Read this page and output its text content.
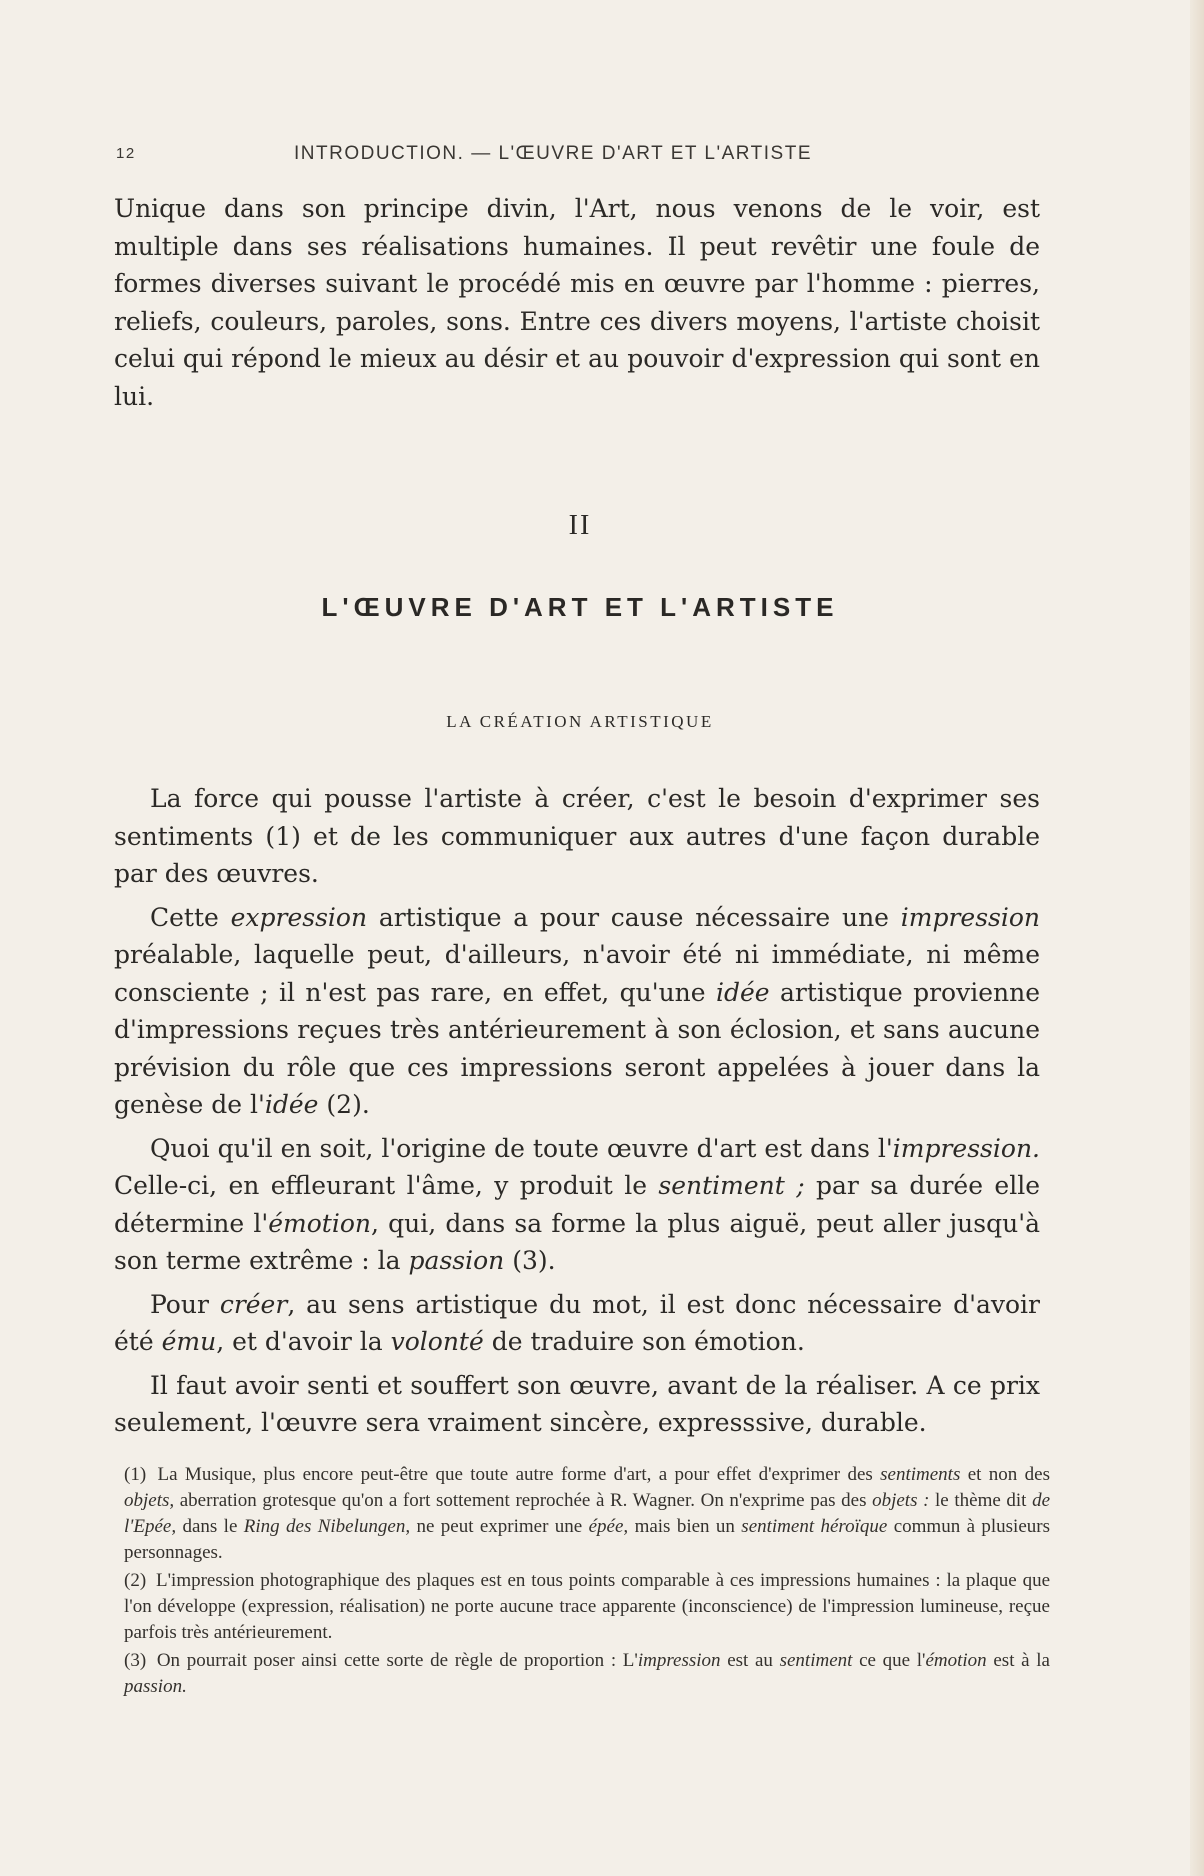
12	INTRODUCTION. — L'ŒUVRE D'ART ET L'ARTISTE

Unique dans son principe divin, l'Art, nous venons de le voir, est multiple dans ses réalisations humaines. Il peut revêtir une foule de formes diverses suivant le procédé mis en œuvre par l'homme : pierres, reliefs, couleurs, paroles, sons. Entre ces divers moyens, l'artiste choisit celui qui répond le mieux au désir et au pouvoir d'expression qui sont en lui.

II
L'ŒUVRE D'ART ET L'ARTISTE
LA CRÉATION ARTISTIQUE

La force qui pousse l'artiste à créer, c'est le besoin d'exprimer ses sentiments (1) et de les communiquer aux autres d'une façon durable par des œuvres.

Cette expression artistique a pour cause nécessaire une impression préalable, laquelle peut, d'ailleurs, n'avoir été ni immédiate, ni même consciente ; il n'est pas rare, en effet, qu'une idée artistique provienne d'impressions reçues très antérieurement à son éclosion, et sans aucune prévision du rôle que ces impressions seront appelées à jouer dans la genèse de l'idée (2).

Quoi qu'il en soit, l'origine de toute œuvre d'art est dans l'impression. Celle-ci, en effleurant l'âme, y produit le sentiment ; par sa durée elle détermine l'émotion, qui, dans sa forme la plus aiguë, peut aller jusqu'à son terme extrême : la passion (3).

Pour créer, au sens artistique du mot, il est donc nécessaire d'avoir été ému, et d'avoir la volonté de traduire son émotion.

Il faut avoir senti et souffert son œuvre, avant de la réaliser. A ce prix seulement, l'œuvre sera vraiment sincère, expresssive, durable.

(1) La Musique, plus encore peut-être que toute autre forme d'art, a pour effet d'exprimer des sentiments et non des objets, aberration grotesque qu'on a fort sottement reprochée à R. Wagner. On n'exprime pas des objets : le thème dit de l'Epée, dans le Ring des Nibelungen, ne peut exprimer une épée, mais bien un sentiment héroïque commun à plusieurs personnages.

(2) L'impression photographique des plaques est en tous points comparable à ces impressions humaines : la plaque que l'on développe (expression, réalisation) ne porte aucune trace apparente (inconscience) de l'impression lumineuse, reçue parfois très antérieurement.

(3) On pourrait poser ainsi cette sorte de règle de proportion : L'impression est au sentiment ce que l'émotion est à la passion.
